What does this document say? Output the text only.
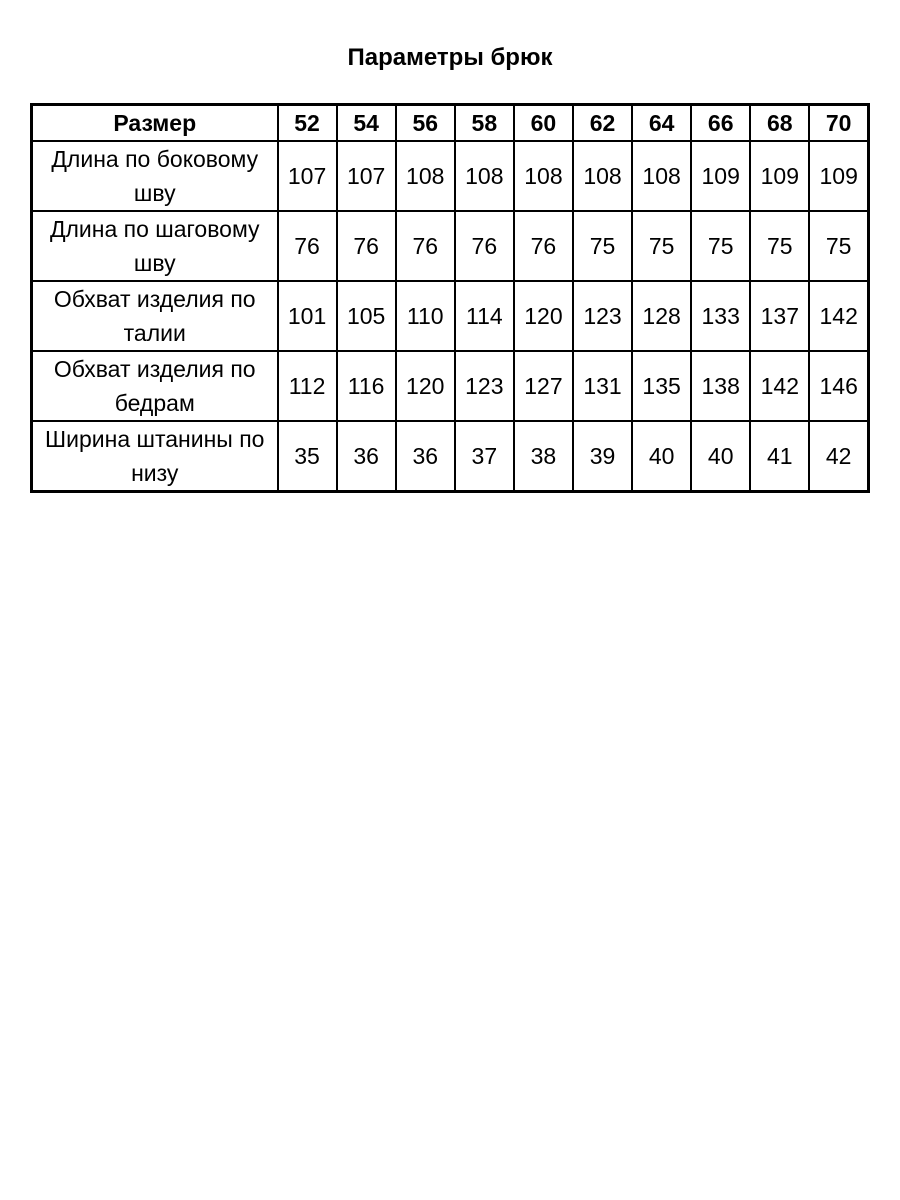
Параметры брюк
Размер	52	54	56	58	60	62	64	66	68	70
Длина по боковому шву	107	107	108	108	108	108	108	109	109	109
Длина по шаговому шву	76	76	76	76	76	75	75	75	75	75
Обхват изделия по талии	101	105	110	114	120	123	128	133	137	142
Обхват изделия по бедрам	112	116	120	123	127	131	135	138	142	146
Ширина штанины по низу	35	36	36	37	38	39	40	40	41	42
